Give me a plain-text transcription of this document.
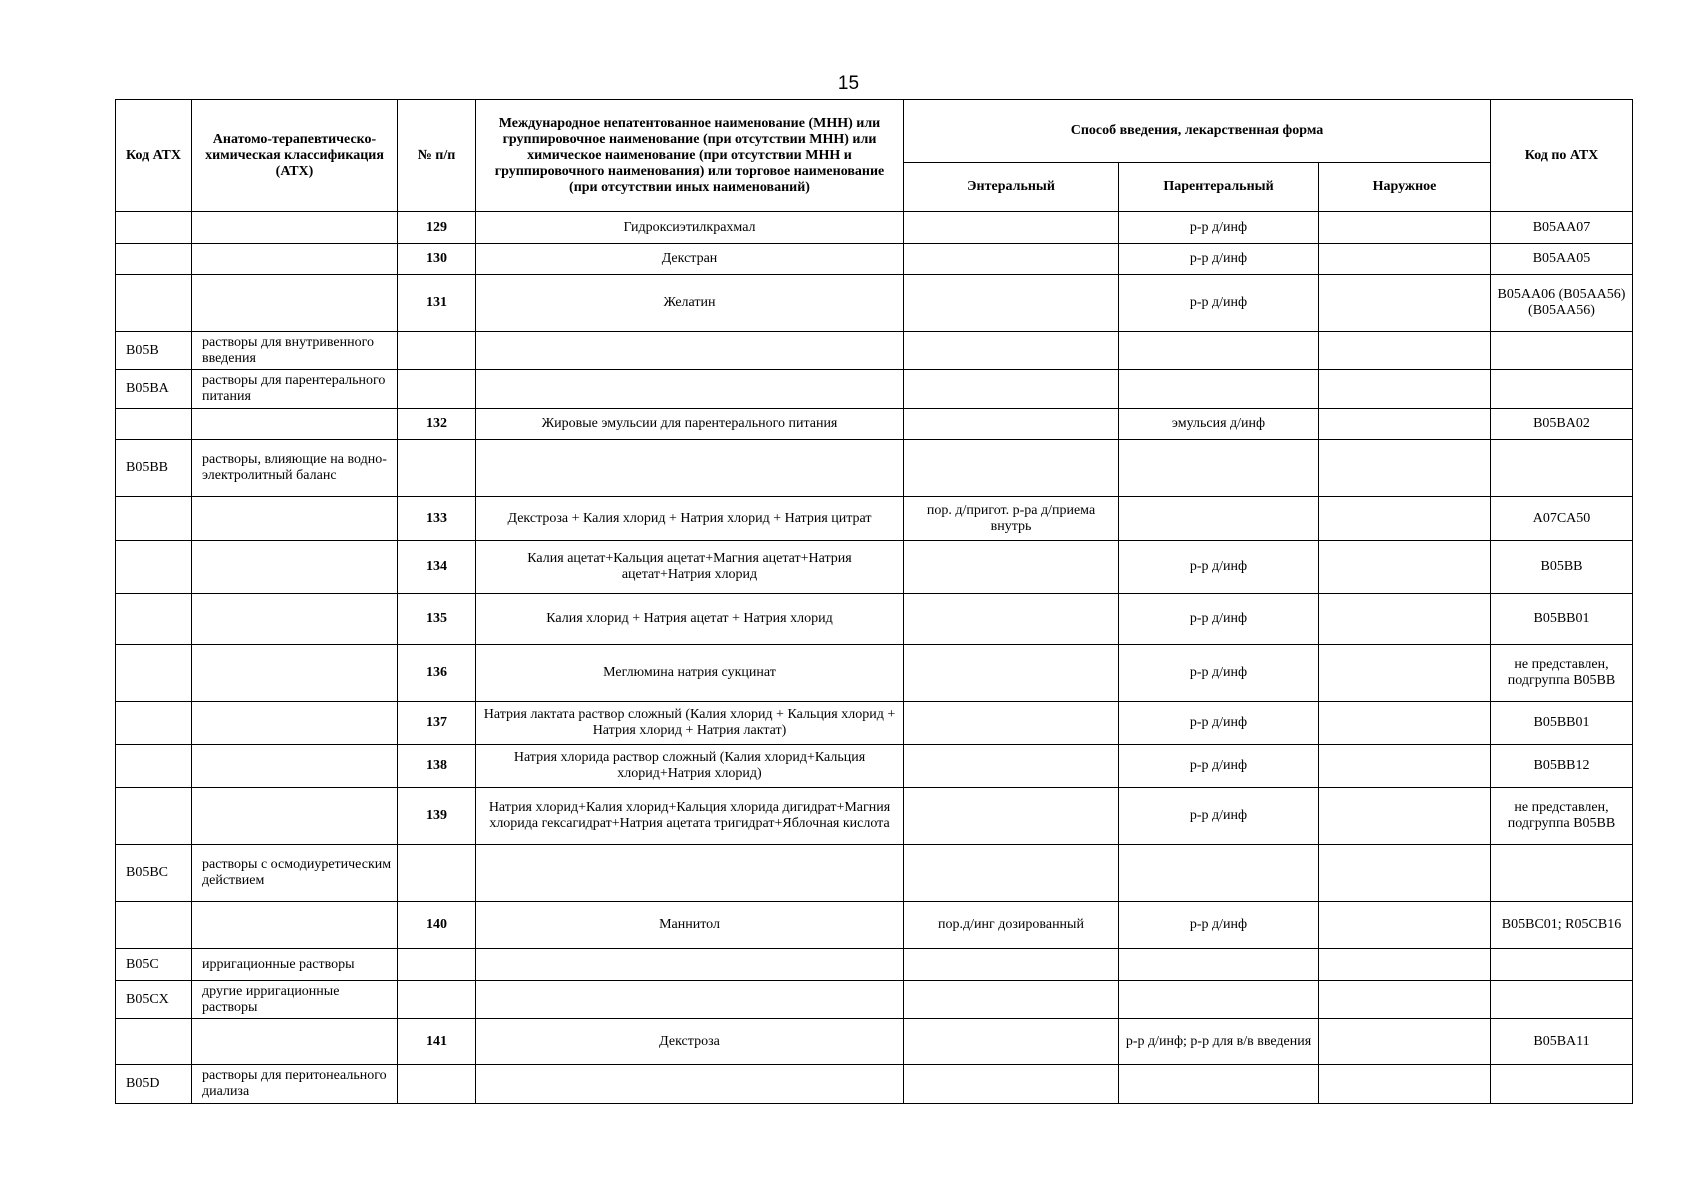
15
Код АТХ	Анатомо-терапевтическо-химическая классификация (АТХ)	№ п/п	Международное непатентованное наименование (МНН) или группировочное наименование (при отсутствии МНН) или химическое наименование (при отсутствии МНН и группировочного наименования) или торговое наименование (при отсутствии иных наименований)	Способ введения, лекарственная форма			Код по АТХ
				Энтеральный	Парентеральный	Наружное	
		129	Гидроксиэтилкрахмал		р-р д/инф		B05AA07
		130	Декстран		р-р д/инф		B05AA05
		131	Желатин		р-р д/инф		B05AA06 (B05AA56) (B05AA56)
B05B	растворы для внутривенного введения						
B05BA	растворы для парентерального питания						
		132	Жировые эмульсии для парентерального питания		эмульсия д/инф		B05BA02
B05BB	растворы, влияющие на водно-электролитный баланс						
		133	Декстроза + Калия хлорид + Натрия хлорид + Натрия цитрат	пор. д/пригот. р-ра д/приема внутрь			A07CA50
		134	Калия ацетат+Кальция ацетат+Магния ацетат+Натрия ацетат+Натрия хлорид		р-р д/инф		B05BB
		135	Калия хлорид + Натрия ацетат + Натрия хлорид		р-р д/инф		B05BB01
		136	Меглюмина натрия сукцинат		р-р д/инф		не представлен, подгруппа B05BB
		137	Натрия лактата раствор сложный (Калия хлорид + Кальция хлорид + Натрия хлорид + Натрия лактат)		р-р д/инф		B05BB01
		138	Натрия хлорида раствор сложный (Калия хлорид+Кальция хлорид+Натрия хлорид)		р-р д/инф		B05BB12
		139	Натрия хлорид+Калия хлорид+Кальция хлорида дигидрат+Магния хлорида гексагидрат+Натрия ацетата тригидрат+Яблочная кислота		р-р д/инф		не представлен, подгруппа B05BB
B05BC	растворы с осмодиуретическим действием						
		140	Маннитол	пор.д/инг дозированный	р-р д/инф		B05BC01; R05CB16
B05C	ирригационные растворы						
B05CX	другие ирригационные растворы						
		141	Декстроза		р-р д/инф; р-р для в/в введения		B05BA11
B05D	растворы для перитонеального диализа						
